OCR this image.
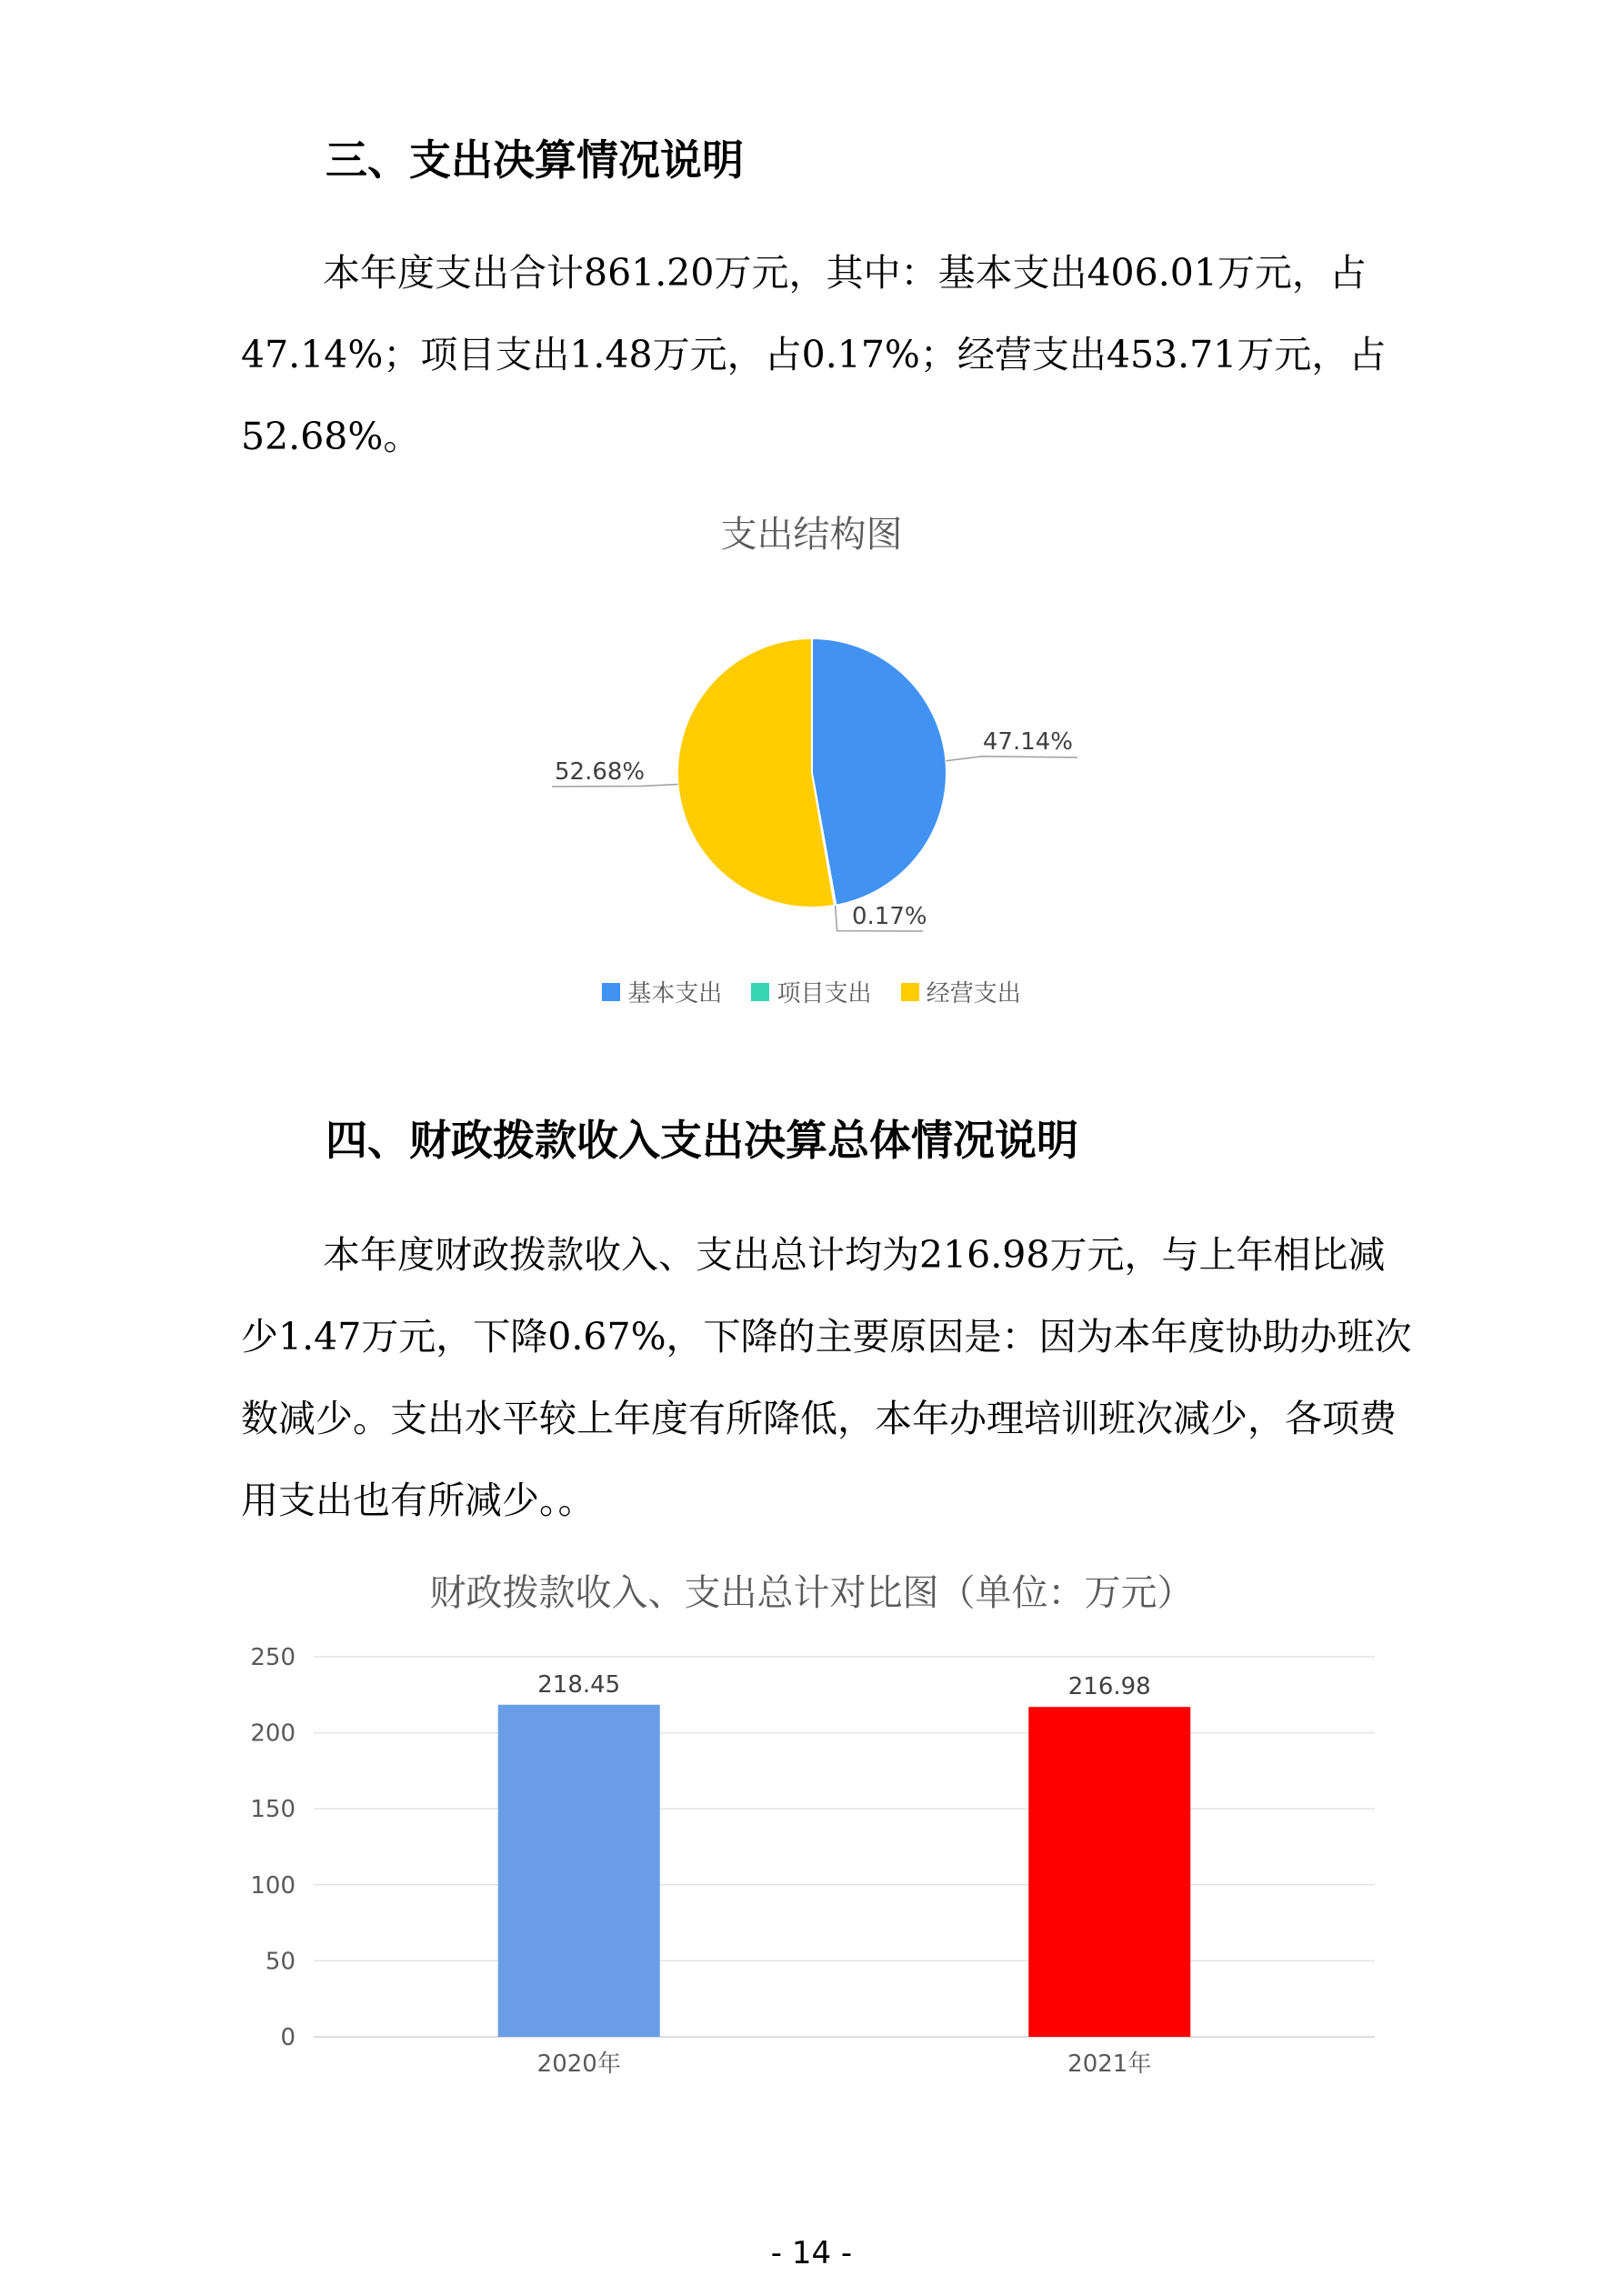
三、支出决算情况说明

本年度支出合计861.20万元，其中：基本支出406.01万元，占47.14%；项目支出1.48万元，占0.17%；经营支出453.71万元，占52.68%。

支出结构图
47.14%
0.17%
52.68%
基本支出
项目支出
经营支出
四、财政拨款收入支出决算总体情况说明

本年度财政拨款收入、支出总计均为216.98万元，与上年相比减少1.47万元，下降0.67%，下降的主要原因是：因为本年度协助办班次数减少。支出水平较上年度有所降低，本年办理培训班次减少，各项费用支出也有所减少。。

财政拨款收入、支出总计对比图（单位：万元）
0
50
100
150
200
250
218.45
2020年
216.98
2021年
- 14 -
